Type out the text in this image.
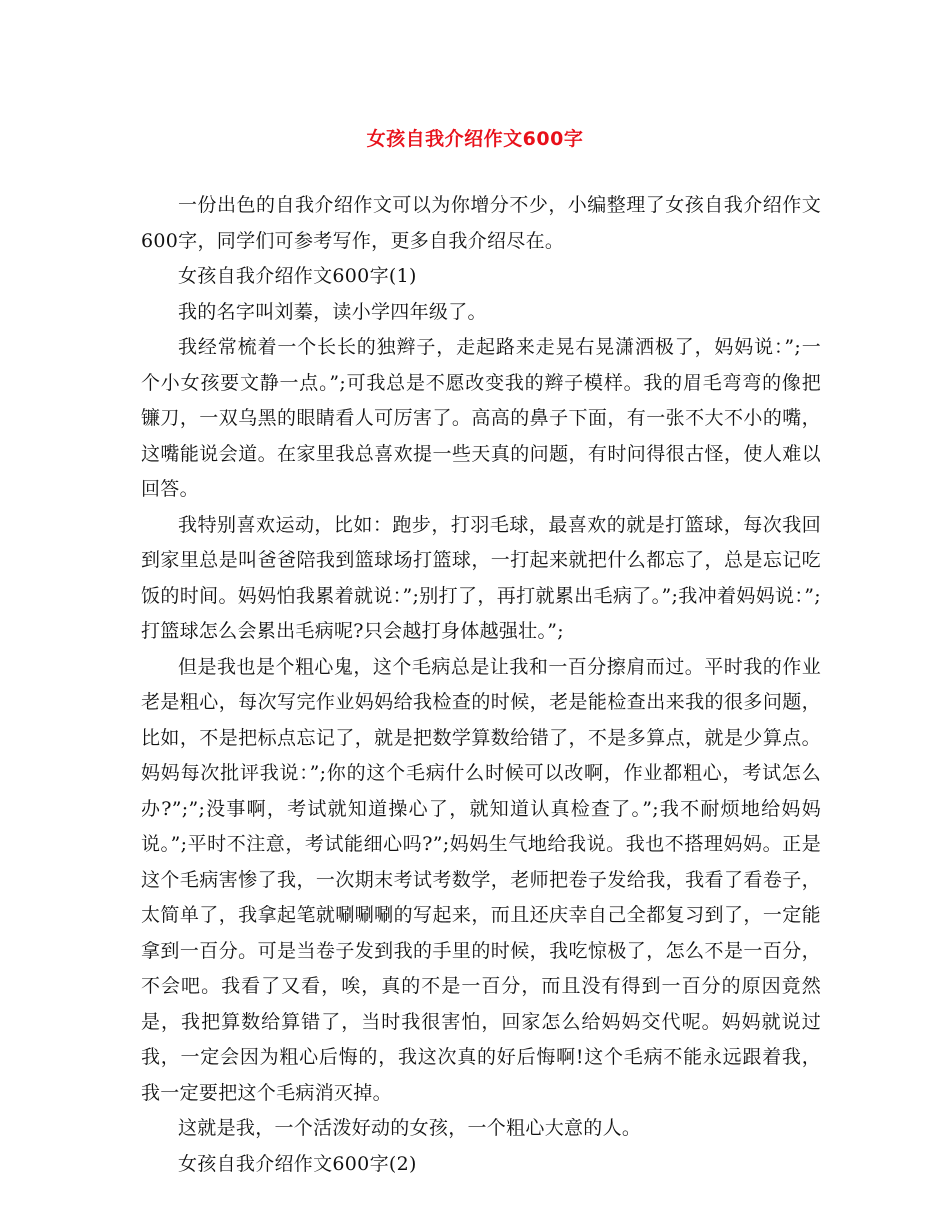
女孩自我介绍作文600字

一份出色的自我介绍作文可以为你增分不少，小编整理了女孩自我介绍作文600字，同学们可参考写作，更多自我介绍尽在。

女孩自我介绍作文600字(1)

我的名字叫刘蓁，读小学四年级了。

我经常梳着一个长长的独辫子，走起路来走晃右晃潇洒极了，妈妈说：”;一个小女孩要文静一点。”;可我总是不愿改变我的辫子模样。我的眉毛弯弯的像把镰刀，一双乌黑的眼睛看人可厉害了。高高的鼻子下面，有一张不大不小的嘴，这嘴能说会道。在家里我总喜欢提一些天真的问题，有时问得很古怪，使人难以回答。

我特别喜欢运动，比如：跑步，打羽毛球，最喜欢的就是打篮球，每次我回到家里总是叫爸爸陪我到篮球场打篮球，一打起来就把什么都忘了，总是忘记吃饭的时间。妈妈怕我累着就说：”;别打了，再打就累出毛病了。”;我冲着妈妈说：”;打篮球怎么会累出毛病呢?只会越打身体越强壮。”;

但是我也是个粗心鬼，这个毛病总是让我和一百分擦肩而过。平时我的作业老是粗心，每次写完作业妈妈给我检查的时候，老是能检查出来我的很多问题，比如，不是把标点忘记了，就是把数学算数给错了，不是多算点，就是少算点。妈妈每次批评我说：”;你的这个毛病什么时候可以改啊，作业都粗心，考试怎么办?”;”;没事啊，考试就知道操心了，就知道认真检查了。”;我不耐烦地给妈妈说。”;平时不注意，考试能细心吗?”;妈妈生气地给我说。我也不搭理妈妈。正是这个毛病害惨了我，一次期末考试考数学，老师把卷子发给我，我看了看卷子，太简单了，我拿起笔就唰唰唰的写起来，而且还庆幸自己全都复习到了，一定能拿到一百分。可是当卷子发到我的手里的时候，我吃惊极了，怎么不是一百分，不会吧。我看了又看，唉，真的不是一百分，而且没有得到一百分的原因竟然是，我把算数给算错了，当时我很害怕，回家怎么给妈妈交代呢。妈妈就说过我，一定会因为粗心后悔的，我这次真的好后悔啊!这个毛病不能永远跟着我，我一定要把这个毛病消灭掉。

这就是我，一个活泼好动的女孩，一个粗心大意的人。

女孩自我介绍作文600字(2)
